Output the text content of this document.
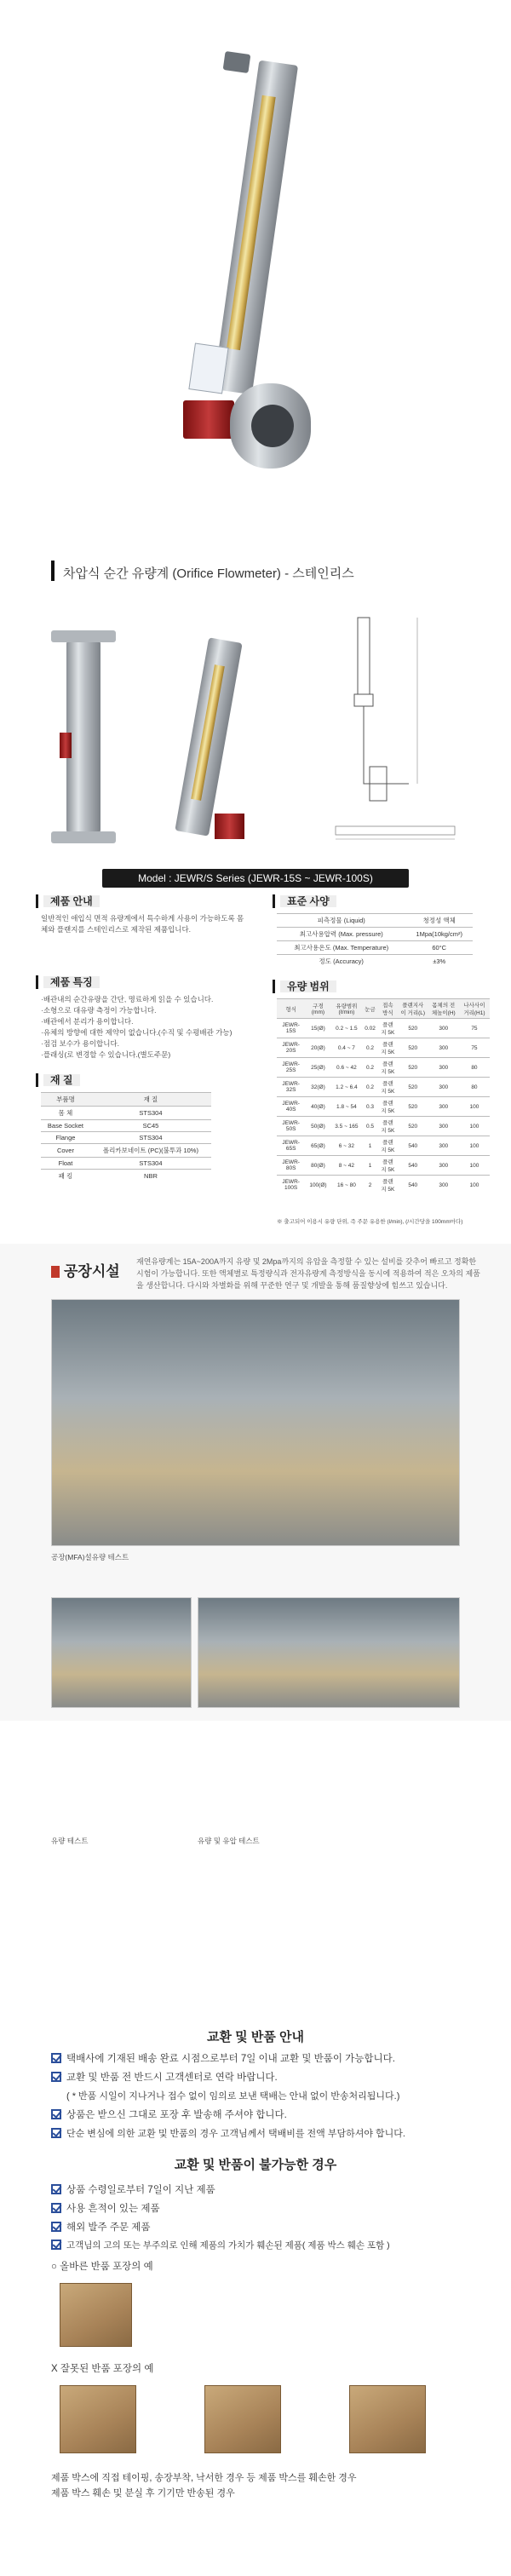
차압식 순간 유량계 (Orifice Flowmeter) - 스테인리스
Model : JEWR/S Series (JEWR-15S ~ JEWR-100S)
제품 안내
일반적인 애입식 면적 유량계에서 특수하게 사용이 가능하도록 몸체와 플랜지를 스테인리스로 제작된 제품입니다.
제품 특징
·배관내의 순간유량을 간단, 명료하게 읽을 수 있습니다.
·소형으로 대유량 측정이 가능합니다.
·배관에서 분리가 용이합니다.
·유체의 방향에 대한 제약이 없습니다.(수직 및 수평배관 가능)
·점검 보수가 용이합니다.
·플래싱(로 변경할 수 있습니다.(별도주문)
재 질
부품명	재 질
몸 체	STS304
Base Socket	SC45
Flange	STS304
Cover	폴리카보네이트 (PC)(불투과 10%)
Float	STS304
패 킹	NBR
표준 사양
피측정물 (Liquid)	청정성 액체
최고사용압력 (Max. pressure)	1Mpa(10kg/cm²)
최고사용온도 (Max. Temperature)	60°C
정도 (Accuracy)	±3%
유량 범위
형식	구경 (mm)	유량범위 (ℓ/min)	눈금	접속방식	플랜지사이 거리(L)	몸체의 전체높이(H)	나사사이 거리(H1)
JEWR-15S	15(Ø)	0.2 ~ 1.5	0.02	플랜지 5K	520	300	75
JEWR-20S	20(Ø)	0.4 ~ 7	0.2	플랜지 5K	520	300	75
JEWR-25S	25(Ø)	0.6 ~ 42	0.2	플랜지 5K	520	300	80
JEWR-32S	32(Ø)	1.2 ~ 6.4	0.2	플랜지 5K	520	300	80
JEWR-40S	40(Ø)	1.8 ~ 54	0.3	플랜지 5K	520	300	100
JEWR-50S	50(Ø)	3.5 ~ 165	0.5	플랜지 5K	520	300	100
JEWR-65S	65(Ø)	6 ~ 32	1	플랜지 5K	540	300	100
JEWR-80S	80(Ø)	8 ~ 42	1	플랜지 5K	540	300	100
JEWR-100S	100(Ø)	16 ~ 80	2	플랜지 5K	540	300	100
※ 출고되어 이용시 유량 단위, 즉 주문 유용한 (l/min), (/시간당을 100mm마다)
공장시설
재연유량계는 15A~200A까지 유량 및 2Mpa까지의 유압을 측정할 수 있는 설비를 갖추어 빠르고 정확한 시험이 가능합니다. 또한 액체별로 특정량식과 전자유량계 측정방식을 동시에 적용하여 적은 오차의 제품을 생산합니다. 다시와 차별화를 위해 꾸준한 연구 및 개발을 통해 품질향상에 힘쓰고 있습니다.
공장(MFA)설유량 테스트
유량 테스트	유량 및 유압 테스트
교환 및 반품 안내
택배사에 기재된 배송 완료 시점으로부터 7일 이내 교환 및 반품이 가능합니다.
교환 및 반품 전 반드시 고객센터로 연락 바랍니다.
( * 반품 시일이 지나거나 접수 없이 임의로 보낸 택배는 안내 없이 반송처리됩니다.)
상품은 받으신 그대로 포장 후 발송해 주셔야 합니다.
단순 변심에 의한 교환 및 반품의 경우 고객님께서 택배비를 전액 부담하셔야 합니다.
교환 및 반품이 불가능한 경우
상품 수령일로부터 7일이 지난 제품
사용 흔적이 있는 제품
해외 발주 주문 제품
고객님의 고의 또는 부주의로 인해 제품의 가치가 훼손된 제품( 제품 박스 훼손 포함 )
○ 올바른 반품 포장의 예
X 잘못된 반품 포장의 예
제품 박스에 직접 테이핑, 송장부착, 낙서한 경우 등 제품 박스를 훼손한 경우
제품 박스 훼손 및 분실 후 기기만 반송된 경우
